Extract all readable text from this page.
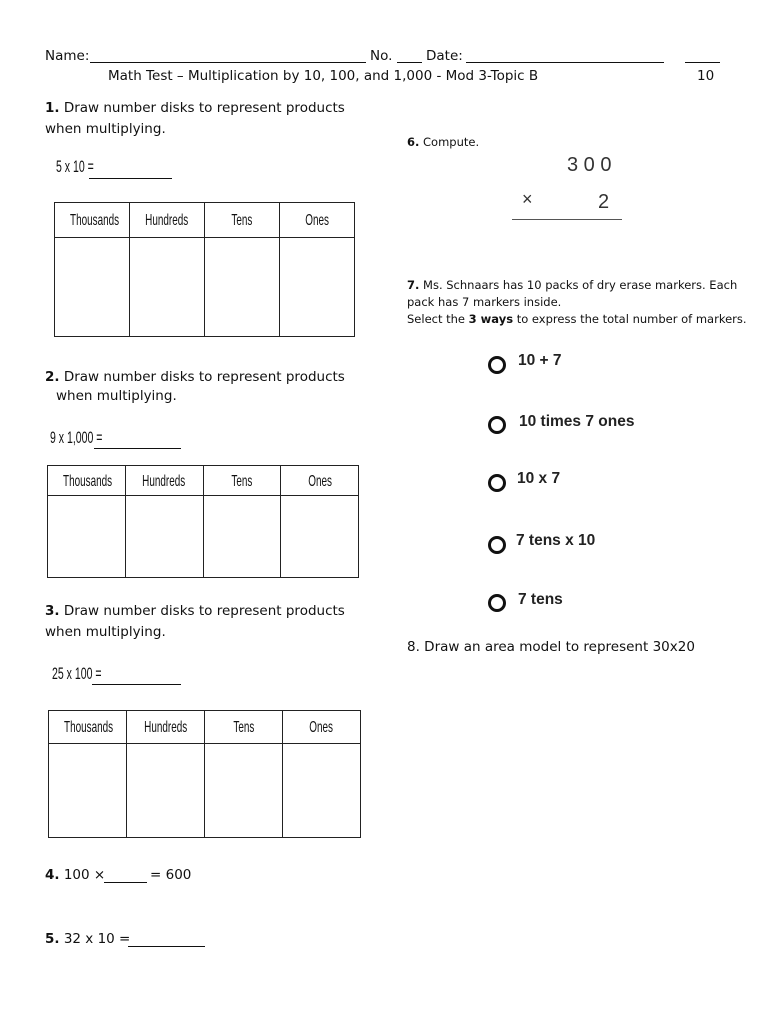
Name:	No. Date:
Math Test – Multiplication by 10, 100, and 1,000 - Mod 3-Topic B	10
1. Draw number disks to represent products
when multiplying.
5 x 10 =
Thousands	Hundreds	Tens	Ones

2. Draw number disks to represent products
when multiplying.
9 x 1,000 =
Thousands	Hundreds	Tens	Ones

3. Draw number disks to represent products
when multiplying.
25 x 100 =
Thousands	Hundreds	Tens	Ones

4. 100 ×	= 600
5. 32 x 10 =
6. Compute.
3 0 0
×	2
7. Ms. Schnaars has 10 packs of dry erase markers. Each
pack has 7 markers inside.
Select the 3 ways to express the total number of markers.
10 + 7
10 times 7 ones
10 x 7
7 tens x 10
7 tens
8. Draw an area model to represent 30x20
